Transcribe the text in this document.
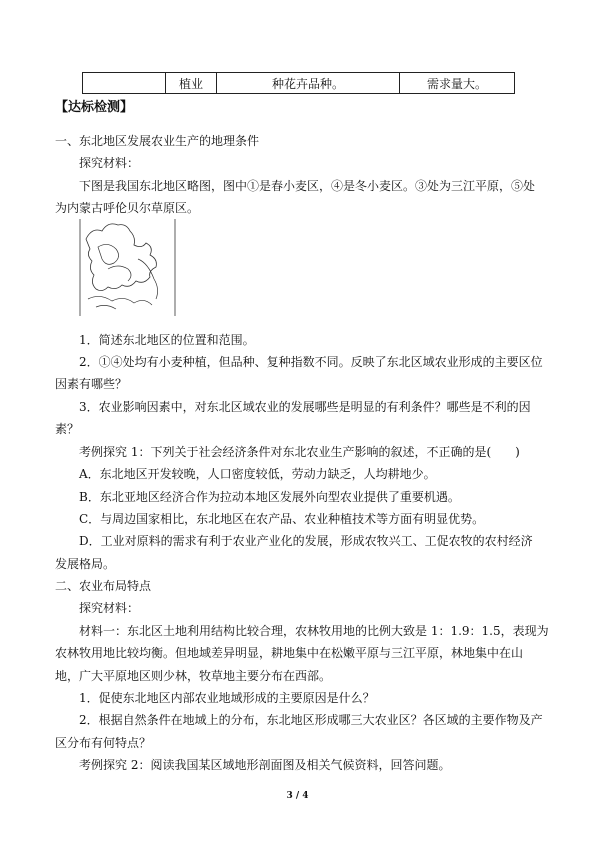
	植业	种花卉品种。	需求量大。
【达标检测】
一、东北地区发展农业生产的地理条件
探究材料：
下图是我国东北地区略图，图中①是春小麦区，④是冬小麦区。③处为三江平原，⑤处
为内蒙古呼伦贝尔草原区。
1．简述东北地区的位置和范围。
2．①④处均有小麦种植，但品种、复种指数不同。反映了东北区域农业形成的主要区位
因素有哪些？
3．农业影响因素中，对东北区域农业的发展哪些是明显的有利条件？哪些是不利的因
素？
考例探究 1：下列关于社会经济条件对东北农业生产影响的叙述，不正确的是(　　)
A．东北地区开发较晚，人口密度较低，劳动力缺乏，人均耕地少。
B．东北亚地区经济合作为拉动本地区发展外向型农业提供了重要机遇。
C．与周边国家相比，东北地区在农产品、农业种植技术等方面有明显优势。
D．工业对原料的需求有利于农业产业化的发展，形成农牧兴工、工促农牧的农村经济
发展格局。
二、农业布局特点
探究材料：
材料一：东北区土地利用结构比较合理，农林牧用地的比例大致是 1：1.9：1.5，表现为
农林牧用地比较均衡。但地域差异明显，耕地集中在松嫩平原与三江平原，林地集中在山
地，广大平原地区则少林，牧草地主要分布在西部。
1．促使东北地区内部农业地域形成的主要原因是什么？
2．根据自然条件在地域上的分布，东北地区形成哪三大农业区？各区域的主要作物及产
区分布有何特点？
考例探究 2：阅读我国某区域地形剖面图及相关气候资料，回答问题。
3 / 4
